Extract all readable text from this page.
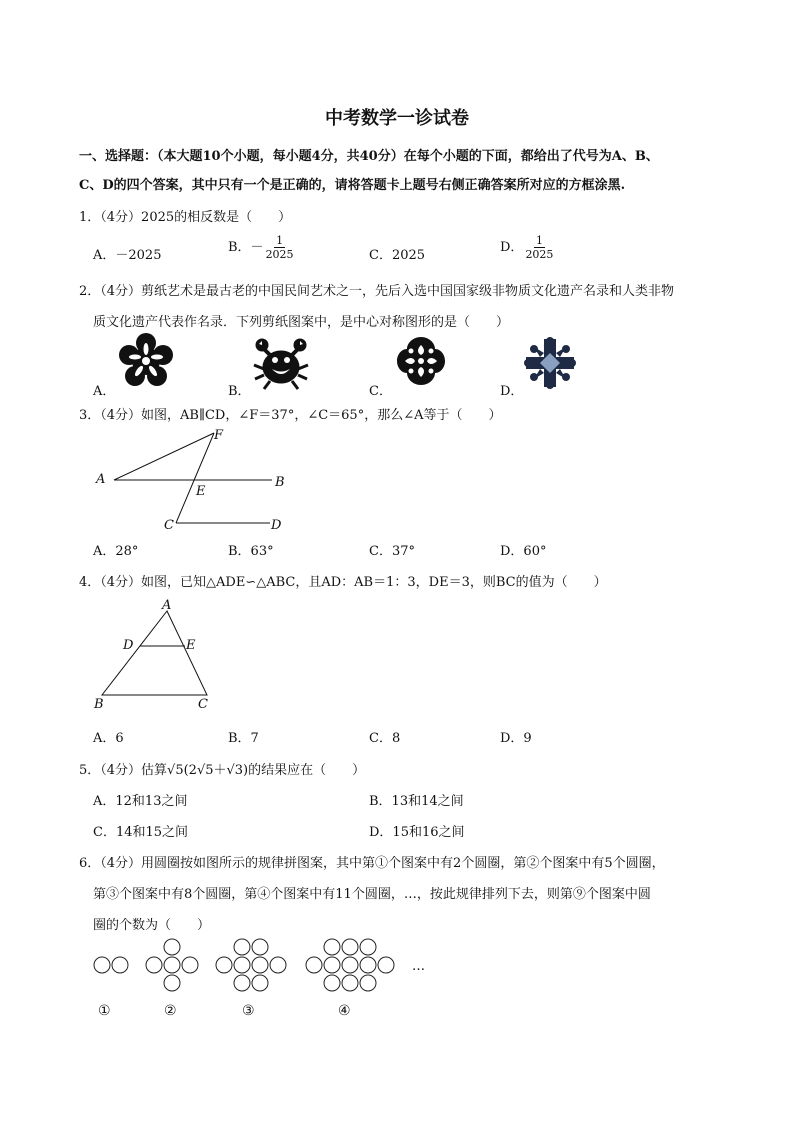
中考数学一诊试卷
一、选择题：（本大题10个小题，每小题4分，共40分）在每个小题的下面，都给出了代号为A、B、
C、D的四个答案，其中只有一个是正确的，请将答题卡上题号右侧正确答案所对应的方框涂黑.
1．（4分）2025的相反数是（　　）
A．－2025
B．－ $\frac{1}{2025}$	C．2025
D． $\frac{1}{2025}$
2．（4分）剪纸艺术是最古老的中国民间艺术之一，先后入选中国国家级非物质文化遗产名录和人类非物
质文化遗产代表作名录．下列剪纸图案中，是中心对称图形的是（　　）
A．	B．	C．	D．
3．（4分）如图，AB∥CD，∠F＝37°，∠C＝65°，那么∠A等于（　　）
A	B
C	D
E
F
A．28°	B．63°	C．37°	D．60°
4．（4分）如图，已知△ADE∽△ABC，且AD：AB＝1：3，DE＝3，则BC的值为（　　）
A
D	E
B	C
A．6	B．7	C．8	D．9
5．（4分）估算√5(2√5＋√3)的结果应在（　　）
A．12和13之间	B．13和14之间
C．14和15之间	D．15和16之间
6．（4分）用圆圈按如图所示的规律拼图案，其中第①个图案中有2个圆圈，第②个图案中有5个圆圈，
第③个图案中有8个圆圈，第④个图案中有11个圆圈，…，按此规律排列下去，则第⑨个图案中圆
圈的个数为（　　）
…
①	②	③	④
